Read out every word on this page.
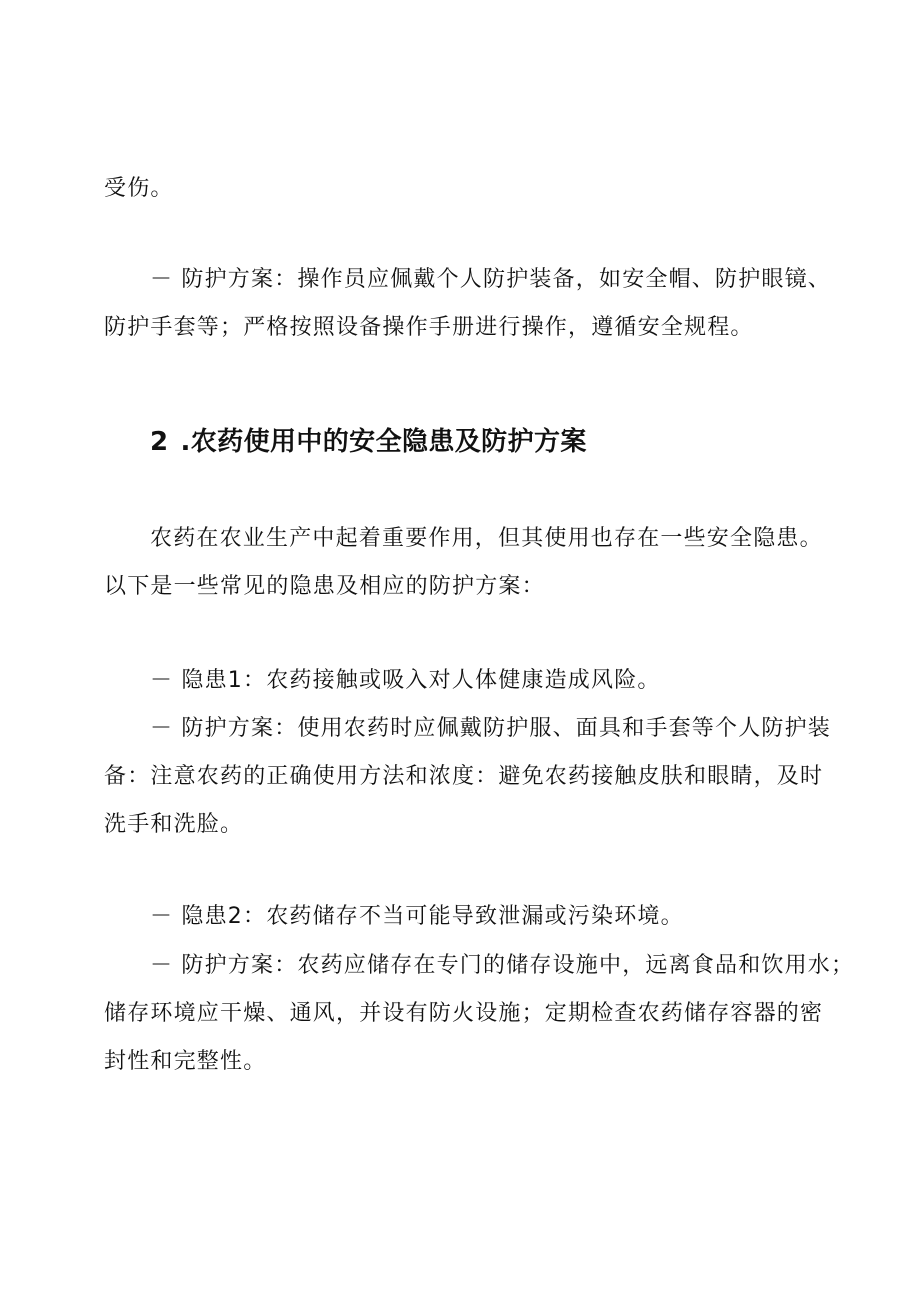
受伤。
－ 防护方案：操作员应佩戴个人防护装备，如安全帽、防护眼镜、
防护手套等；严格按照设备操作手册进行操作，遵循安全规程。
2 .农药使用中的安全隐患及防护方案
农药在农业生产中起着重要作用，但其使用也存在一些安全隐患。
以下是一些常见的隐患及相应的防护方案：
－ 隐患1：农药接触或吸入对人体健康造成风险。
－ 防护方案：使用农药时应佩戴防护服、面具和手套等个人防护装
备：注意农药的正确使用方法和浓度：避免农药接触皮肤和眼睛，及时
洗手和洗脸。
－ 隐患2：农药储存不当可能导致泄漏或污染环境。
－ 防护方案：农药应储存在专门的储存设施中，远离食品和饮用水；
储存环境应干燥、通风，并设有防火设施；定期检查农药储存容器的密
封性和完整性。
